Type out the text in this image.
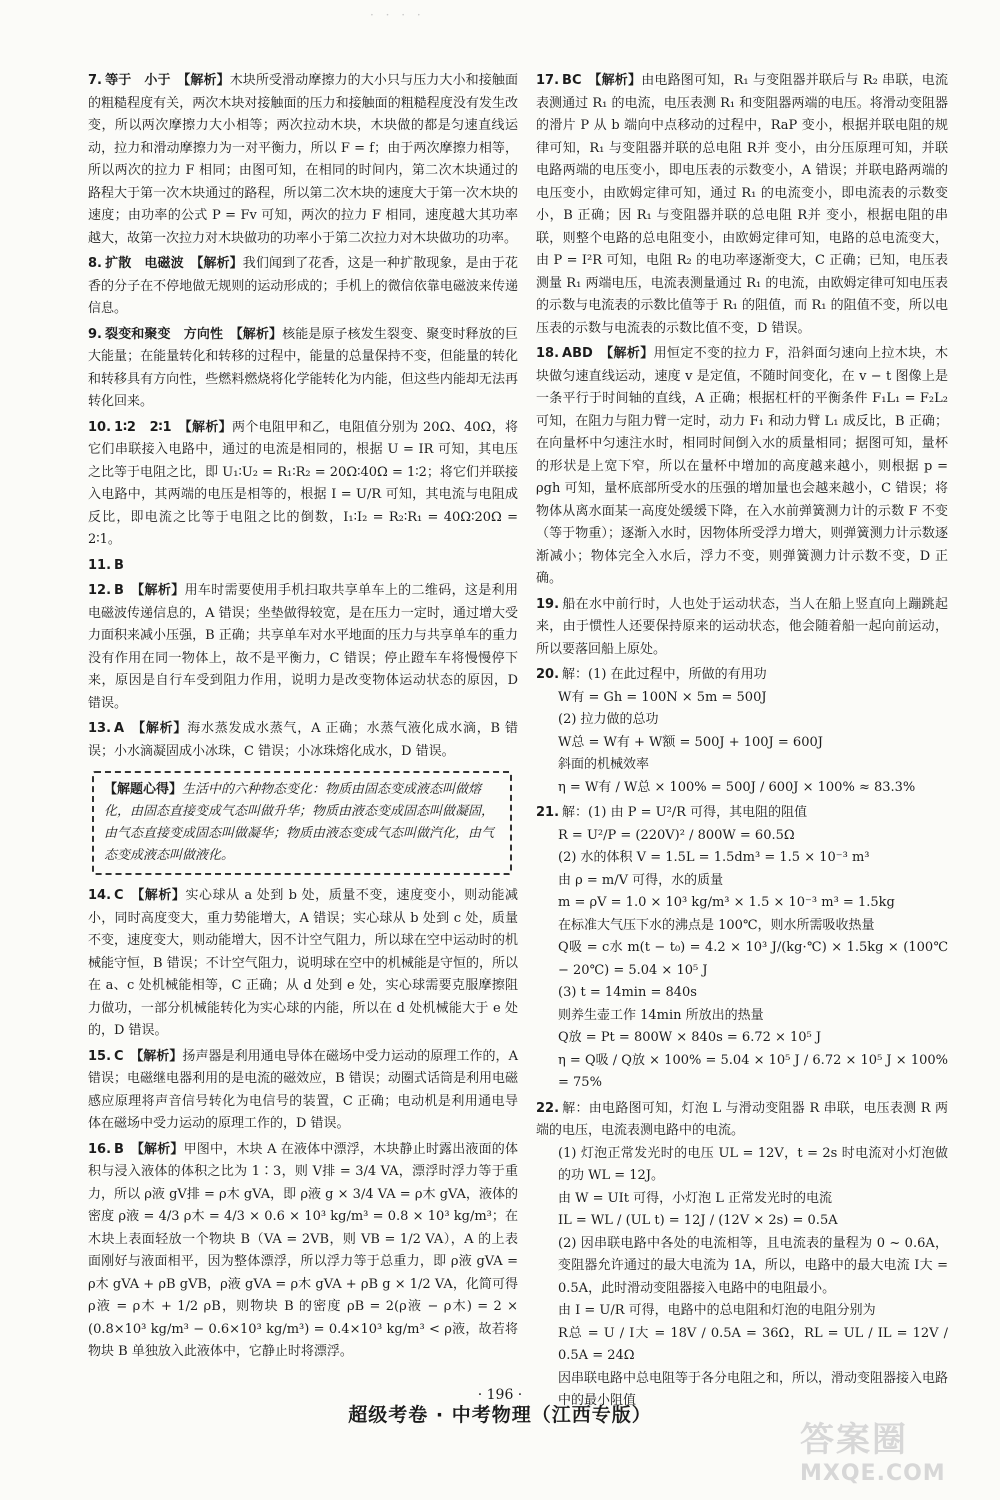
· · · ·
7. 等于　小于　 【解析】木块所受滑动摩擦力的大小只与压力大小和接触面的粗糙程度有关，两次木块对接触面的压力和接触面的粗糙程度没有发生改变，所以两次摩擦力大小相等；两次拉动木块，木块做的都是匀速直线运动，拉力和滑动摩擦力为一对平衡力，所以 F = f；由于两次摩擦力相等，所以两次的拉力 F 相同；由图可知，在相同的时间内，第二次木块通过的路程大于第一次木块通过的路程，所以第二次木块的速度大于第一次木块的速度；由功率的公式 P = Fv 可知，两次的拉力 F 相同，速度越大其功率越大，故第一次拉力对木块做功的功率小于第二次拉力对木块做功的功率。
8. 扩散　电磁波　 【解析】我们闻到了花香，这是一种扩散现象，是由于花香的分子在不停地做无规则的运动形成的；手机上的微信依靠电磁波来传递信息。
9. 裂变和聚变　方向性　 【解析】核能是原子核发生裂变、聚变时释放的巨大能量；在能量转化和转移的过程中，能量的总量保持不变，但能量的转化和转移具有方向性，些燃料燃烧将化学能转化为内能，但这些内能却无法再转化回来。
10. 1∶2　2∶1　 【解析】两个电阻甲和乙，电阻值分别为 20Ω、40Ω，将它们串联接入电路中，通过的电流是相同的，根据 U = IR 可知，其电压之比等于电阻之比，即 U₁∶U₂ = R₁∶R₂ = 20Ω∶40Ω = 1∶2；将它们并联接入电路中，其两端的电压是相等的，根据 I = U/R 可知，其电流与电阻成反比，即电流之比等于电阻之比的倒数，I₁∶I₂ = R₂∶R₁ = 40Ω∶20Ω = 2∶1。
11. B　
12. B　 【解析】用车时需要使用手机扫取共享单车上的二维码，这是利用电磁波传递信息的，A 错误；坐垫做得较宽，是在压力一定时，通过增大受力面积来减小压强，B 正确；共享单车对水平地面的压力与共享单车的重力没有作用在同一物体上，故不是平衡力，C 错误；停止蹬车车将慢慢停下来，原因是自行车受到阻力作用，说明力是改变物体运动状态的原因，D 错误。
13. A　 【解析】海水蒸发成水蒸气，A 正确；水蒸气液化成水滴，B 错误；小水滴凝固成小冰珠，C 错误；小冰珠熔化成水，D 错误。
【解题心得】生活中的六种物态变化：物质由固态变成液态叫做熔化，由固态直接变成气态叫做升华；物质由液态变成固态叫做凝固，由气态直接变成固态叫做凝华；物质由液态变成气态叫做汽化，由气态变成液态叫做液化。
14. C　 【解析】实心球从 a 处到 b 处，质量不变，速度变小，则动能减小，同时高度变大，重力势能增大，A 错误；实心球从 b 处到 c 处，质量不变，速度变大，则动能增大，因不计空气阻力，所以球在空中运动时的机械能守恒，B 错误；不计空气阻力，说明球在空中的机械能是守恒的，所以在 a、c 处机械能相等，C 正确；从 d 处到 e 处，实心球需要克服摩擦阻力做功，一部分机械能转化为实心球的内能，所以在 d 处机械能大于 e 处的，D 错误。
15. C　 【解析】扬声器是利用通电导体在磁场中受力运动的原理工作的，A 错误；电磁继电器利用的是电流的磁效应，B 错误；动圈式话筒是利用电磁感应原理将声音信号转化为电信号的装置，C 正确；电动机是利用通电导体在磁场中受力运动的原理工作的，D 错误。
16. B　 【解析】甲图中，木块 A 在液体中漂浮，木块静止时露出液面的体积与浸入液体的体积之比为 1∶3，则 V排 = 3/4 VA，漂浮时浮力等于重力，所以 ρ液 gV排 = ρ木 gVA，即 ρ液 g × 3/4 VA = ρ木 gVA，液体的密度 ρ液 = 4/3 ρ木 = 4/3 × 0.6 × 10³ kg/m³ = 0.8 × 10³ kg/m³；在木块上表面轻放一个物块 B（VA = 2VB，则 VB = 1/2 VA），A 的上表面刚好与液面相平，因为整体漂浮，所以浮力等于总重力，即 ρ液 gVA = ρ木 gVA + ρB gVB，ρ液 gVA = ρ木 gVA + ρB g × 1/2 VA，化简可得 ρ液 = ρ木 + 1/2 ρB，则物块 B 的密度 ρB = 2(ρ液 − ρ木) = 2 × (0.8×10³ kg/m³ − 0.6×10³ kg/m³) = 0.4×10³ kg/m³ < ρ液，故若将物块 B 单独放入此液体中，它静止时将漂浮。
17. BC　 【解析】由电路图可知，R₁ 与变阻器并联后与 R₂ 串联，电流表测通过 R₁ 的电流，电压表测 R₁ 和变阻器两端的电压。将滑动变阻器的滑片 P 从 b 端向中点移动的过程中，RaP 变小，根据并联电阻的规律可知，R₁ 与变阻器并联的总电阻 R并 变小，由分压原理可知，并联电路两端的电压变小，即电压表的示数变小，A 错误；并联电路两端的电压变小，由欧姆定律可知，通过 R₁ 的电流变小，即电流表的示数变小，B 正确；因 R₁ 与变阻器并联的总电阻 R并 变小，根据电阻的串联，则整个电路的总电阻变小，由欧姆定律可知，电路的总电流变大，由 P = I²R 可知，电阻 R₂ 的电功率逐渐变大，C 正确；已知，电压表测量 R₁ 两端电压，电流表测量通过 R₁ 的电流，由欧姆定律可知电压表的示数与电流表的示数比值等于 R₁ 的阻值，而 R₁ 的阻值不变，所以电压表的示数与电流表的示数比值不变，D 错误。
18. ABD　 【解析】用恒定不变的拉力 F，沿斜面匀速向上拉木块，木块做匀速直线运动，速度 v 是定值，不随时间变化，在 v − t 图像上是一条平行于时间轴的直线，A 正确；根据杠杆的平衡条件 F₁L₁ = F₂L₂ 可知，在阻力与阻力臂一定时，动力 F₁ 和动力臂 L₁ 成反比，B 正确；在向量杯中匀速注水时，相同时间倒入水的质量相同；据图可知，量杯的形状是上宽下窄，所以在量杯中增加的高度越来越小，则根据 p = ρgh 可知，量杯底部所受水的压强的增加量也会越来越小，C 错误；将物体从离水面某一高度处缓缓下降，在入水前弹簧测力计的示数 F 不变（等于物重）；逐渐入水时，因物体所受浮力增大，则弹簧测力计示数逐渐减小；物体完全入水后，浮力不变，则弹簧测力计示数不变，D 正确。
19. 船在水中前行时，人也处于运动状态，当人在船上竖直向上蹦跳起来，由于惯性人还要保持原来的运动状态，他会随着船一起向前运动，所以要落回船上原处。
20. 解：(1) 在此过程中，所做的有用功
W有 = Gh = 100N × 5m = 500J
(2) 拉力做的总功
W总 = W有 + W额 = 500J + 100J = 600J
斜面的机械效率
η = W有 / W总 × 100% = 500J / 600J × 100% ≈ 83.3%
21. 解：(1) 由 P = U²/R 可得，其电阻的阻值
R = U²/P = (220V)² / 800W = 60.5Ω
(2) 水的体积 V = 1.5L = 1.5dm³ = 1.5 × 10⁻³ m³
由 ρ = m/V 可得，水的质量
m = ρV = 1.0 × 10³ kg/m³ × 1.5 × 10⁻³ m³ = 1.5kg
在标准大气压下水的沸点是 100℃，则水所需吸收热量
Q吸 = c水 m(t − t₀) = 4.2 × 10³ J/(kg·℃) × 1.5kg × (100℃ − 20℃) = 5.04 × 10⁵ J
(3) t = 14min = 840s
则养生壶工作 14min 所放出的热量
Q放 = Pt = 800W × 840s = 6.72 × 10⁵ J
η = Q吸 / Q放 × 100% = 5.04 × 10⁵ J / 6.72 × 10⁵ J × 100% = 75%
22. 解：由电路图可知，灯泡 L 与滑动变阻器 R 串联，电压表测 R 两端的电压，电流表测电路中的电流。
(1) 灯泡正常发光时的电压 UL = 12V，t = 2s 时电流对小灯泡做的功 WL = 12J。
由 W = UIt 可得，小灯泡 L 正常发光时的电流
IL = WL / (UL t) = 12J / (12V × 2s) = 0.5A
(2) 因串联电路中各处的电流相等，且电流表的量程为 0 ~ 0.6A，变阻器允许通过的最大电流为 1A，所以，电路中的最大电流 I大 = 0.5A，此时滑动变阻器接入电路中的电阻最小。
由 I = U/R 可得，电路中的总电阻和灯泡的电阻分别为
R总 = U / I大 = 18V / 0.5A = 36Ω，RL = UL / IL = 12V / 0.5A = 24Ω
因串联电路中总电阻等于各分电阻之和，所以，滑动变阻器接入电路中的最小阻值
· 196 ·
超级考卷 · 中考物理（江西专版）
答案圈
MXQE.COM
